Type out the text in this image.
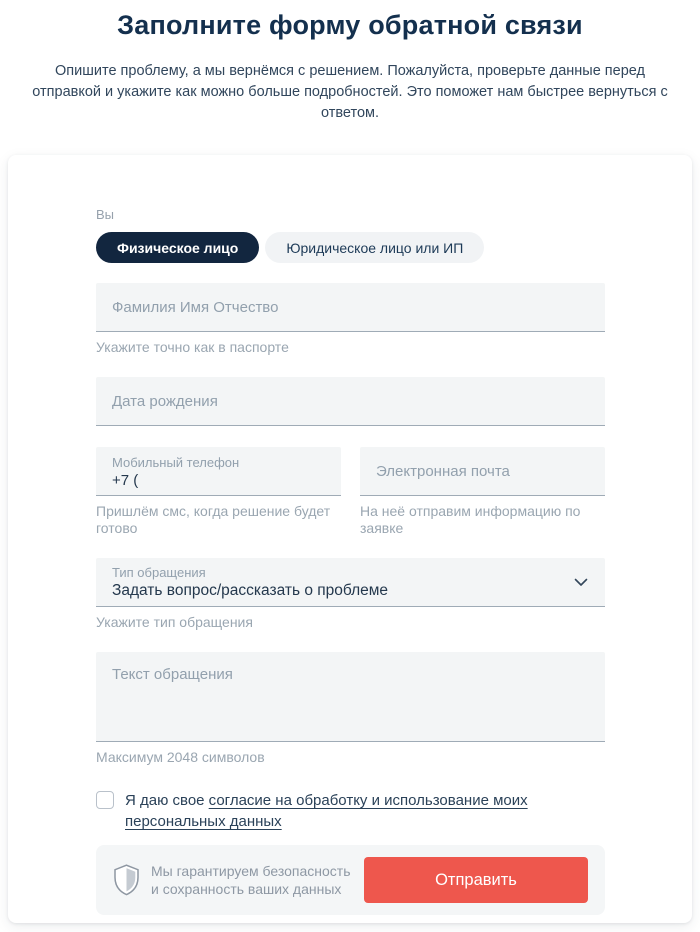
Заполните форму обратной связи

Опишите проблему, а мы вернёмся с решением. Пожалуйста, проверьте данные перед отправкой и укажите как можно больше подробностей. Это поможет нам быстрее вернуться с ответом.

Вы
Физическое лицо	Юридическое лицо или ИП
Фамилия Имя Отчество
Укажите точно как в паспорте
Дата рождения
Мобильный телефон
+7 (
Пришлём смс, когда решение будет готово
Электронная почта
На неё отправим информацию по заявке
Тип обращения
Задать вопрос/рассказать о проблеме
Укажите тип обращения
Текст обращения
Максимум 2048 символов
Я даю свое согласие на обработку и использование моих персональных данных
Мы гарантируем безопасность и сохранность ваших данных
Отправить
